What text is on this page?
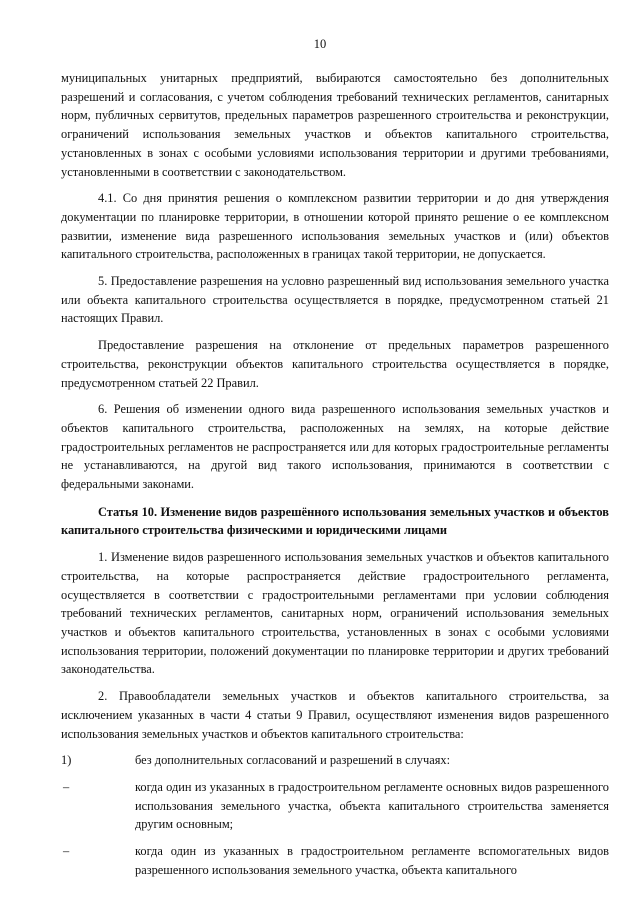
10

муниципальных унитарных предприятий, выбираются самостоятельно без дополнительных разрешений и согласования, с учетом соблюдения требований технических регламентов, санитарных норм, публичных сервитутов, предельных параметров разрешенного строительства и реконструкции, ограничений использования земельных участков и объектов капитального строительства, установленных в зонах с особыми условиями использования территории и другими требованиями, установленными в соответствии с законодательством.

4.1. Со дня принятия решения о комплексном развитии территории и до дня утверждения документации по планировке территории, в отношении которой принято решение о ее комплексном развитии, изменение вида разрешенного использования земельных участков и (или) объектов капитального строительства, расположенных в границах такой территории, не допускается.

5. Предоставление разрешения на условно разрешенный вид использования земельного участка или объекта капитального строительства осуществляется в порядке, предусмотренном статьей 21 настоящих Правил.

Предоставление разрешения на отклонение от предельных параметров разрешенного строительства, реконструкции объектов капитального строительства осуществляется в порядке, предусмотренном статьей 22 Правил.

6. Решения об изменении одного вида разрешенного использования земельных участков и объектов капитального строительства, расположенных на землях, на которые действие градостроительных регламентов не распространяется или для которых градостроительные регламенты не устанавливаются, на другой вид такого использования, принимаются в соответствии с федеральными законами.

Статья 10. Изменение видов разрешённого использования земельных участков и объектов капитального строительства физическими и юридическими лицами

1. Изменение видов разрешенного использования земельных участков и объектов капитального строительства, на которые распространяется действие градостроительного регламента, осуществляется в соответствии с градостроительными регламентами при условии соблюдения требований технических регламентов, санитарных норм, ограничений использования земельных участков и объектов капитального строительства, установленных в зонах с особыми условиями использования территории, положений документации по планировке территории и других требований законодательства.

2. Правообладатели земельных участков и объектов капитального строительства, за исключением указанных в части 4 статьи 9 Правил, осуществляют изменения видов разрешенного использования земельных участков и объектов капитального строительства:

1)	без дополнительных согласований и разрешений в случаях:
–	когда один из указанных в градостроительном регламенте основных видов разрешенного использования земельного участка, объекта капитального строительства заменяется другим основным;
–	когда один из указанных в градостроительном регламенте вспомогательных видов разрешенного использования земельного участка, объекта капитального
